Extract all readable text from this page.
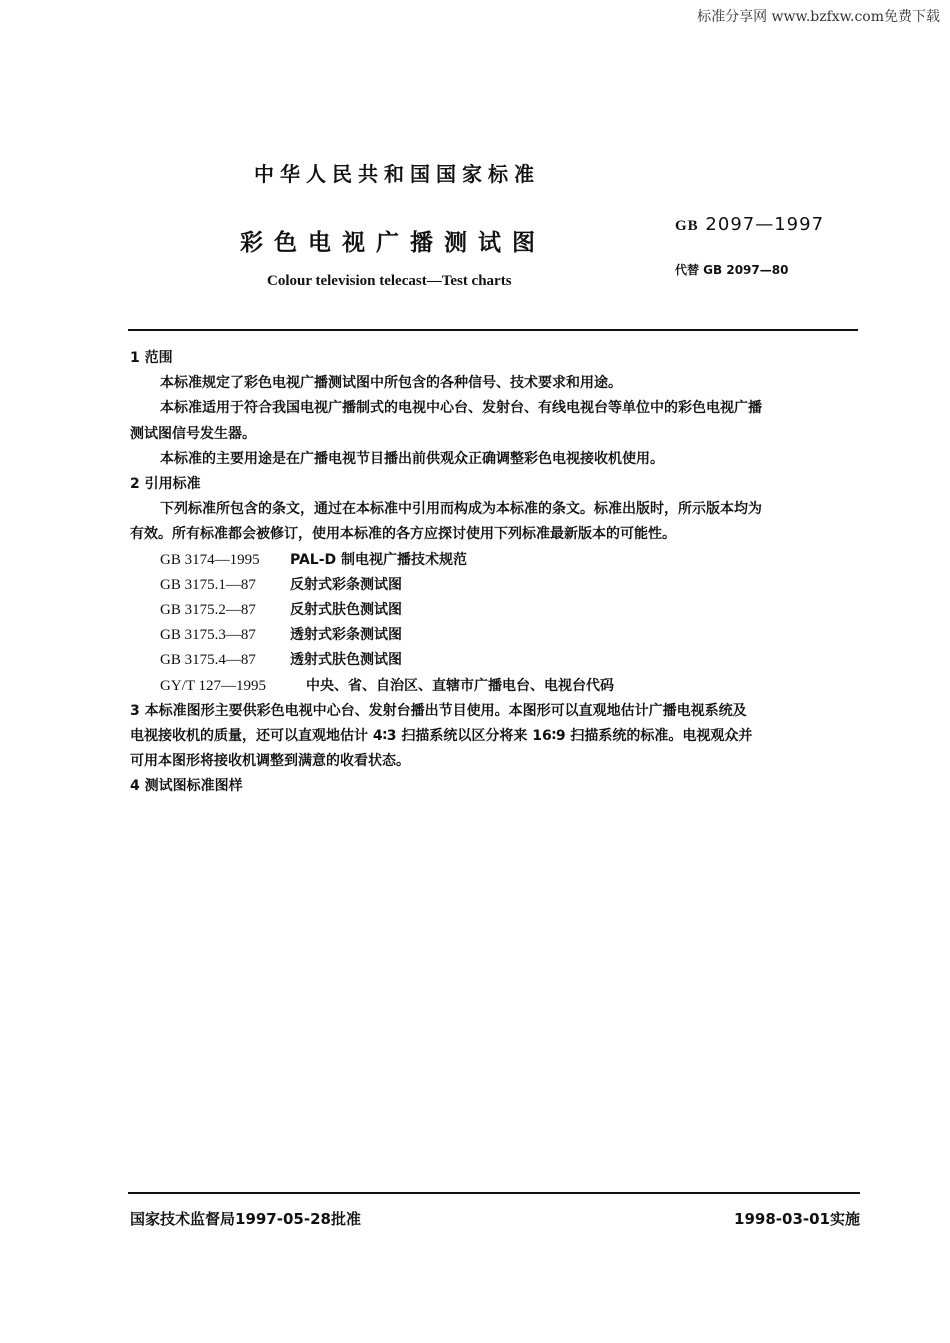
标准分享网 www.bzfxw.com免费下载
中华人民共和国国家标准
彩色电视广播测试图
Colour television telecast—Test charts
GB 2097—1997
代替 GB 2097—80

1 范围

本标准规定了彩色电视广播测试图中所包含的各种信号、技术要求和用途。

本标准适用于符合我国电视广播制式的电视中心台、发射台、有线电视台等单位中的彩色电视广播

测试图信号发生器。

本标准的主要用途是在广播电视节目播出前供观众正确调整彩色电视接收机使用。

2 引用标准

下列标准所包含的条文，通过在本标准中引用而构成为本标准的条文。标准出版时，所示版本均为

有效。所有标准都会被修订，使用本标准的各方应探讨使用下列标准最新版本的可能性。

GB 3174—1995 PAL-D 制电视广播技术规范

GB 3175.1—87 反射式彩条测试图

GB 3175.2—87 反射式肤色测试图

GB 3175.3—87 透射式彩条测试图

GB 3175.4—87 透射式肤色测试图

GY/T 127—1995	中央、省、自治区、直辖市广播电台、电视台代码

3 本标准图形主要供彩色电视中心台、发射台播出节目使用。本图形可以直观地估计广播电视系统及

电视接收机的质量，还可以直观地估计 4∶3 扫描系统以区分将来 16∶9 扫描系统的标准。电视观众并

可用本图形将接收机调整到满意的收看状态。

4 测试图标准图样

国家技术监督局1997-05-28批准	1998-03-01实施
